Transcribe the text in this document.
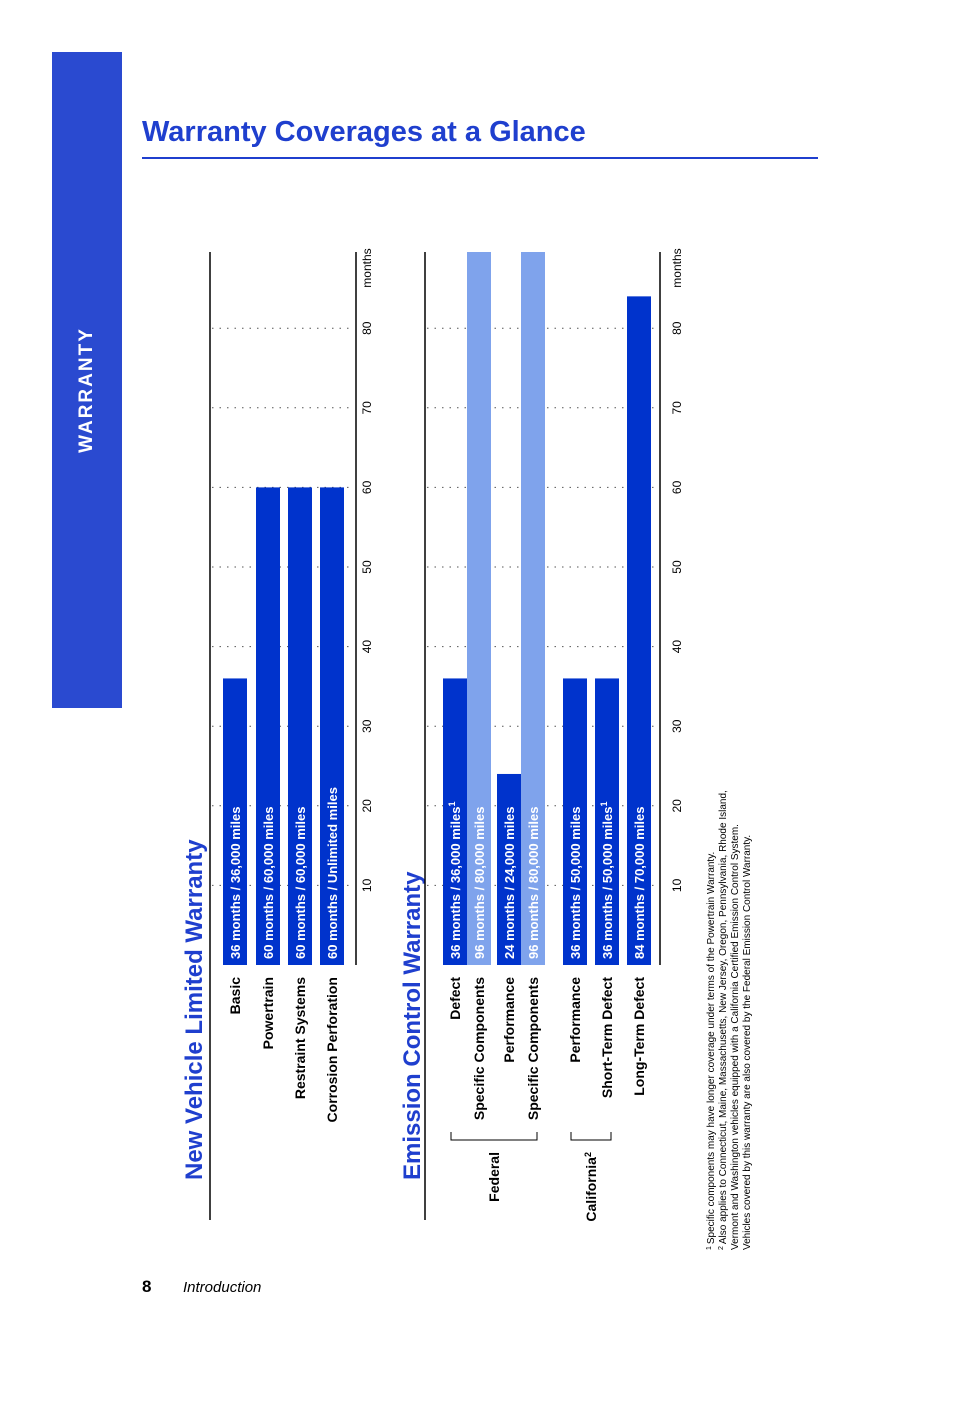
WARRANTY
Warranty Coverages at a Glance
New Vehicle Limited Warranty	10
20
30
40
50
60
70
80
months
36 months / 36,000 miles
Basic
60 months / 60,000 miles
Powertrain
60 months / 60,000 miles
Restraint Systems
60 months / Unlimited miles
Corrosion Perforation Emission Control Warranty	10
20
30
40
50
60
70
80
months
36 months / 36,000 miles$^1$
Defect
96 months / 80,000 miles
Specific Components
24 months / 24,000 miles
Performance
96 months / 80,000 miles
Specific Components
36 months / 50,000 miles
Performance
36 months / 50,000 miles$^1$
Short-Term Defect
84 months / 70,000 miles
Long-Term Defect
Federal	California$^2$
$^1$ Specific components may have longer coverage under terms of the Powertrain Warranty.
$^2$ Also applies to Connecticut, Maine, Massachusetts, New Jersey, Oregon, Pennsylvania, Rhode Island, Vermont and Washington vehicles equipped with a California Certified Emission Control System. Vehicles covered by this warranty are also covered by the Federal Emission Control Warranty.
8 Introduction
